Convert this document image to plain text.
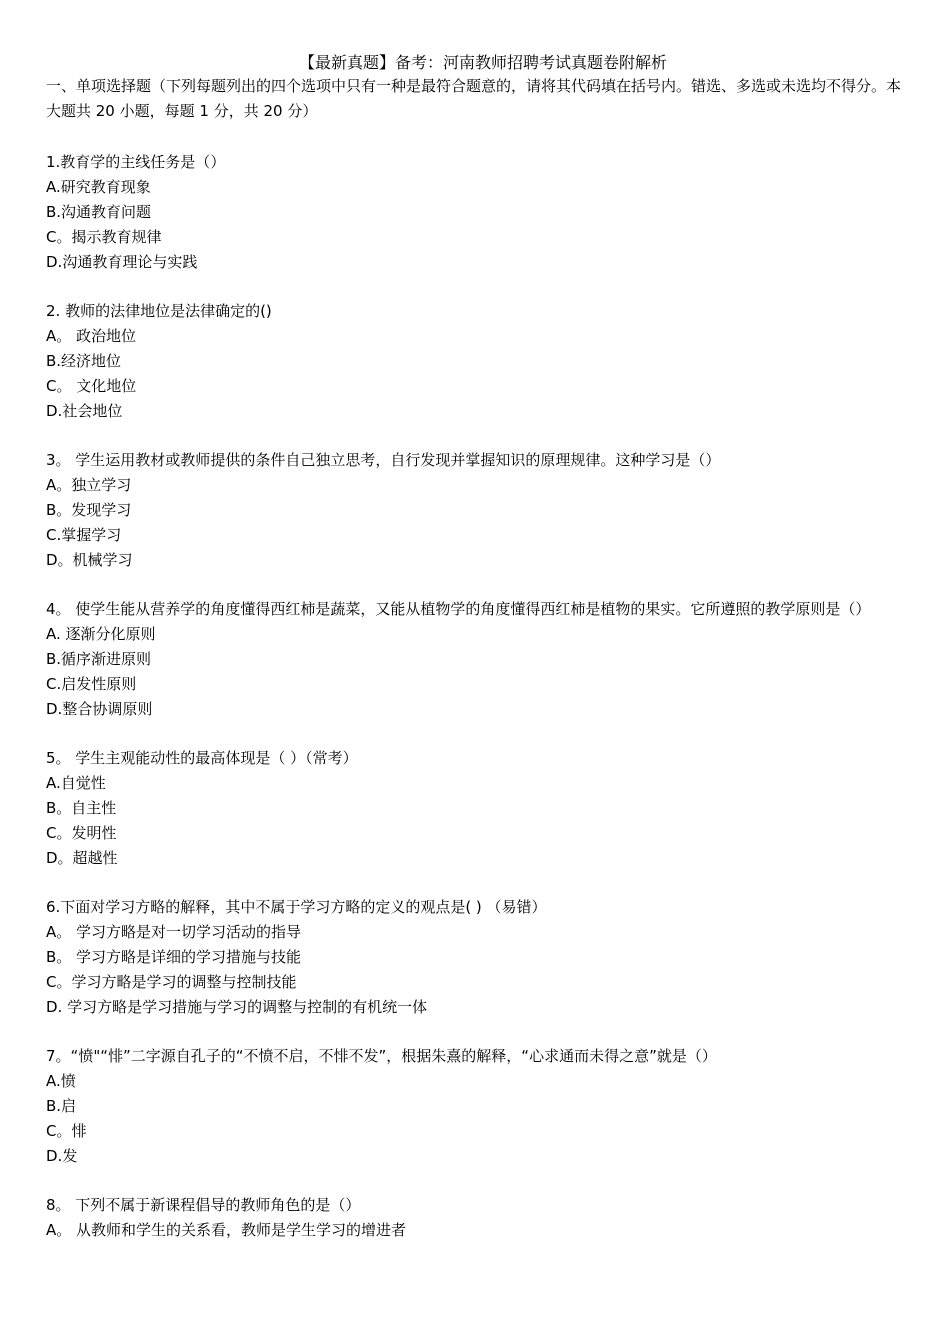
【最新真题】备考：河南教师招聘考试真题卷附解析

一、单项选择题（下列每题列出的四个选项中只有一种是最符合题意的，请将其代码填在括号内。错选、多选或未选均不得分。本大题共 20 小题，每题 1 分，共 20 分）

1.教育学的主线任务是（）

A.研究教育现象

B.沟通教育问题

C。揭示教育规律

D.沟通教育理论与实践

2. 教师的法律地位是法律确定的()

A。 政治地位

B.经济地位

C。 文化地位

D.社会地位

3。 学生运用教材或教师提供的条件自己独立思考，自行发现并掌握知识的原理规律。这种学习是（）

A。独立学习

B。发现学习

C.掌握学习

D。机械学习

4。 使学生能从营养学的角度懂得西红柿是蔬菜，又能从植物学的角度懂得西红柿是植物的果实。它所遵照的教学原则是（）

A. 逐渐分化原则

B.循序渐进原则

C.启发性原则

D.整合协调原则

5。 学生主观能动性的最高体现是（ ）（常考）

A.自觉性

B。自主性

C。发明性

D。超越性

6.下面对学习方略的解释，其中不属于学习方略的定义的观点是( ) （易错）

A。 学习方略是对一切学习活动的指导

B。 学习方略是详细的学习措施与技能

C。学习方略是学习的调整与控制技能

D. 学习方略是学习措施与学习的调整与控制的有机统一体

7。“愤"“悱”二字源自孔子的“不愤不启，不悱不发”，根据朱熹的解释，“心求通而未得之意”就是（）

A.愤

B.启

C。悱

D.发

8。 下列不属于新课程倡导的教师角色的是（）

A。 从教师和学生的关系看，教师是学生学习的增进者
